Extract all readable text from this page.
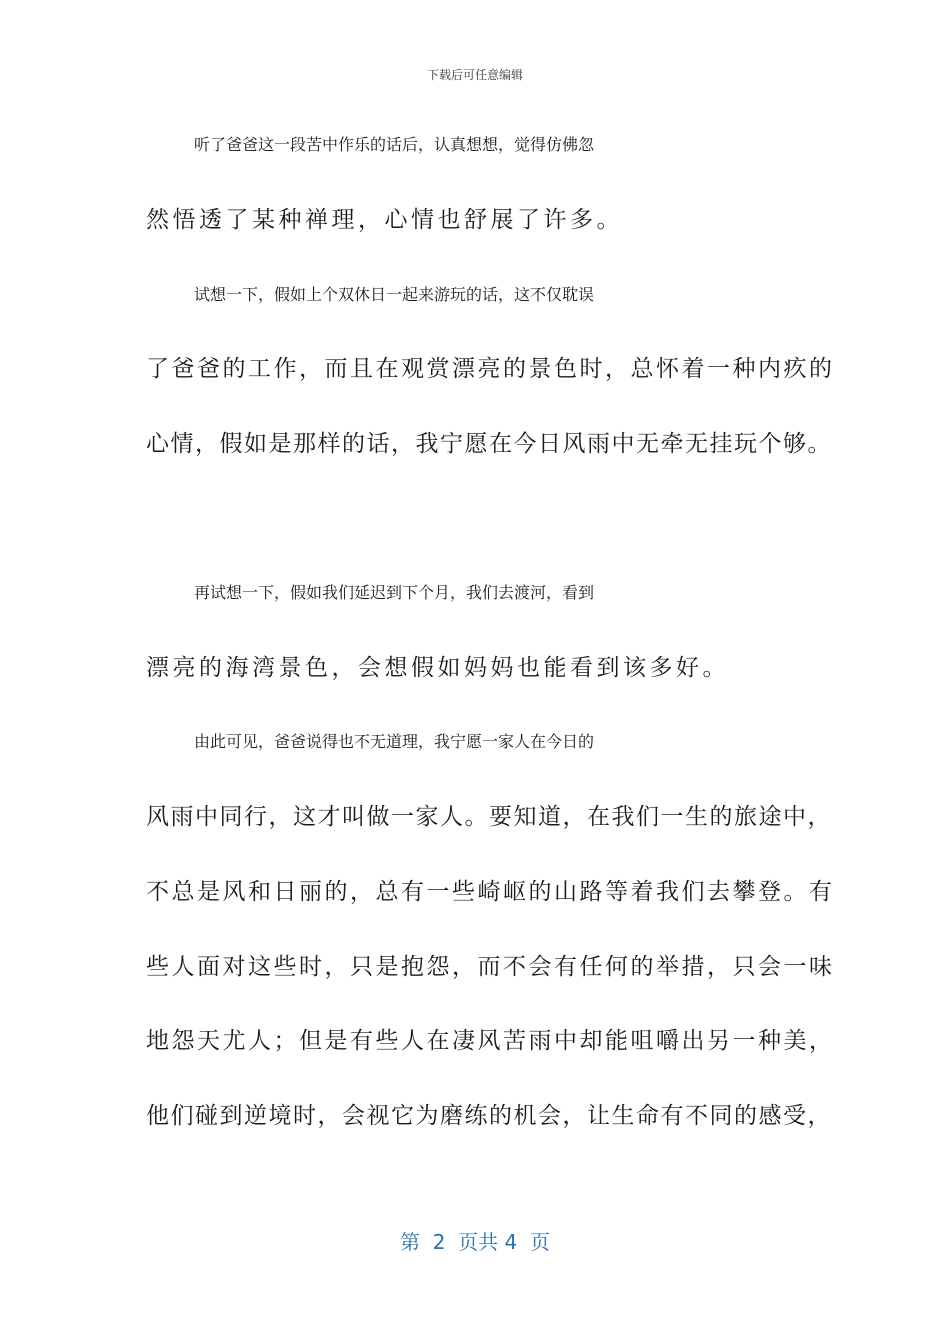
下载后可任意编辑
听了爸爸这一段苦中作乐的话后，认真想想，觉得仿佛忽
然悟透了某种禅理，心情也舒展了许多。
试想一下，假如上个双休日一起来游玩的话，这不仅耽误
了爸爸的工作，而且在观赏漂亮的景色时，总怀着一种内疚的
心情，假如是那样的话，我宁愿在今日风雨中无牵无挂玩个够。
再试想一下，假如我们延迟到下个月，我们去渡河，看到
漂亮的海湾景色，会想假如妈妈也能看到该多好。
由此可见，爸爸说得也不无道理，我宁愿一家人在今日的
风雨中同行，这才叫做一家人。要知道，在我们一生的旅途中，
不总是风和日丽的，总有一些崎岖的山路等着我们去攀登。有
些人面对这些时，只是抱怨，而不会有任何的举措，只会一味
地怨天尤人；但是有些人在凄风苦雨中却能咀嚼出另一种美，
他们碰到逆境时，会视它为磨练的机会，让生命有不同的感受，
第  2  页共 4  页
